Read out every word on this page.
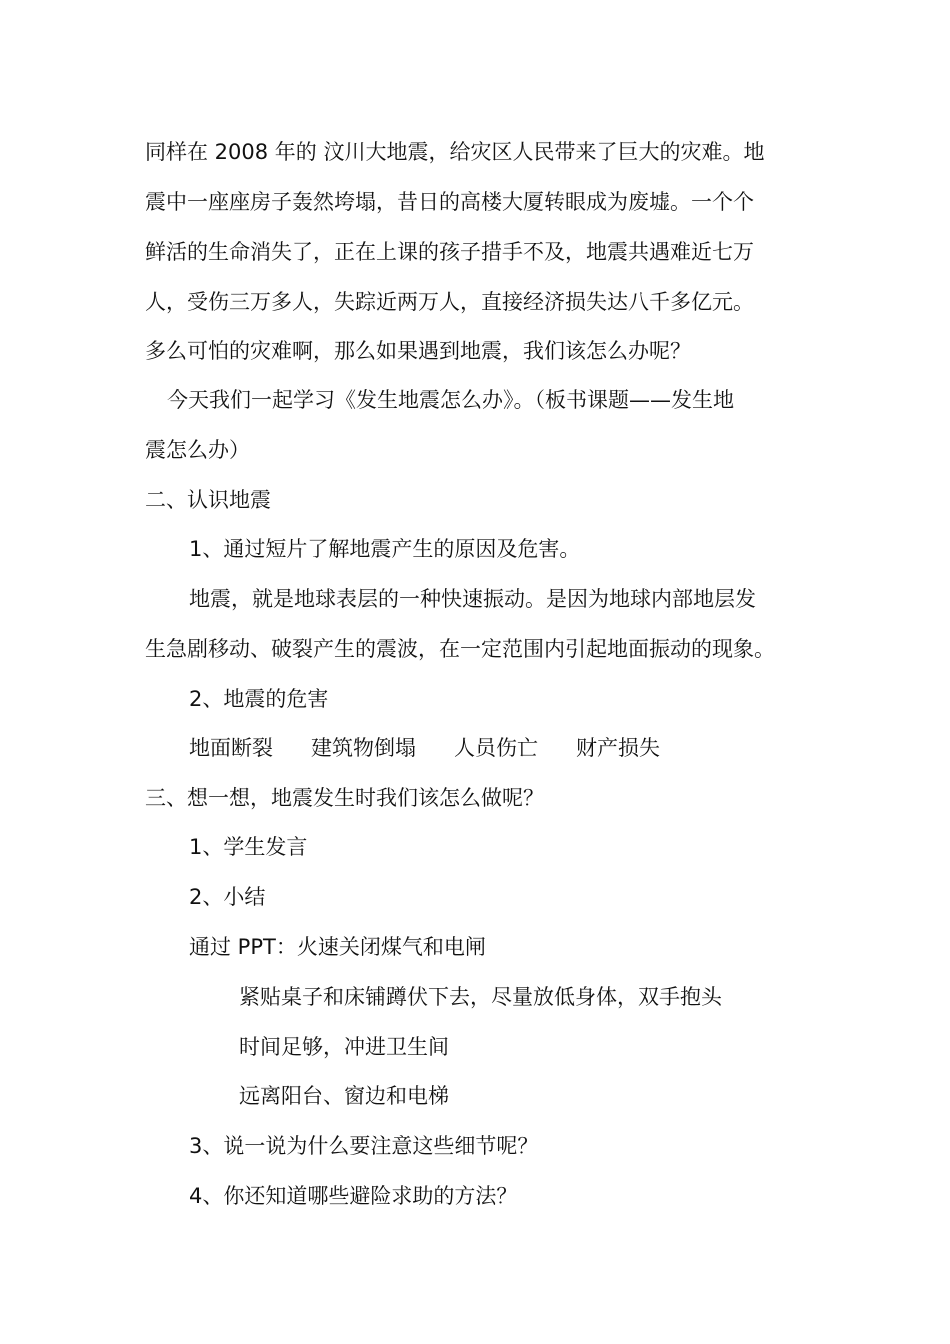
同样在 2008 年的 汶川大地震，给灾区人民带来了巨大的灾难。地
震中一座座房子轰然垮塌，昔日的高楼大厦转眼成为废墟。一个个
鲜活的生命消失了，正在上课的孩子措手不及，地震共遇难近七万
人，受伤三万多人，失踪近两万人，直接经济损失达八千多亿元。
多么可怕的灾难啊，那么如果遇到地震，我们该怎么办呢？
今天我们一起学习《发生地震怎么办》。（板书课题——发生地
震怎么办）
二、认识地震
1、通过短片了解地震产生的原因及危害。
地震，就是地球表层的一种快速振动。是因为地球内部地层发
生急剧移动、破裂产生的震波，在一定范围内引起地面振动的现象。
2、地震的危害
地面断裂 建筑物倒塌 人员伤亡 财产损失
三、想一想，地震发生时我们该怎么做呢？
1、学生发言
2、小结
通过 PPT：火速关闭煤气和电闸
紧贴桌子和床铺蹲伏下去，尽量放低身体，双手抱头
时间足够，冲进卫生间
远离阳台、窗边和电梯
3、说一说为什么要注意这些细节呢？
4、你还知道哪些避险求助的方法？
